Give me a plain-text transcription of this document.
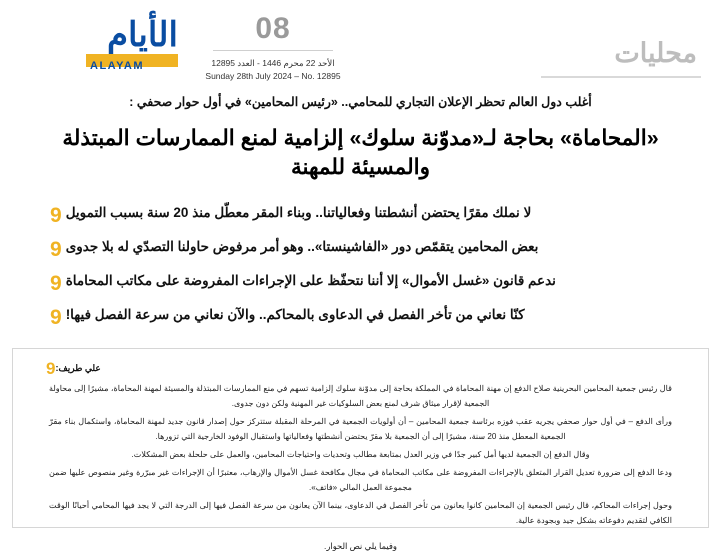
محليات
08
الأحد 22 محرم 1446 - العدد 12895
Sunday 28th July 2024 – No. 12895
الأيام
ALAYAM
أغلب دول العالم تحظر الإعلان التجاري للمحامي.. «رئيس المحامين» في أول حوار صحفي :
«المحاماة» بحاجة لـ«مدوّنة سلوك» إلزامية لمنع الممارسات المبتذلة والمسيئة للمهنة
لا نملك مقرًا يحتضن أنشطتنا وفعالياتنا.. وبناء المقر معطّل منذ 20 سنة بسبب التمويل
9
بعض المحامين يتقمّص دور «الفاشينستا».. وهو أمر مرفوض حاولنا التصدّي له بلا جدوى
9
ندعم قانون «غسل الأموال» إلا أننا نتحفّظ على الإجراءات المفروضة على مكاتب المحاماة
9
كنّا نعاني من تأخر الفصل في الدعاوى بالمحاكم.. والآن نعاني من سرعة الفصل فيها!
9
علي طريف:
9

قال رئيس جمعية المحامين البحرينية صلاح الدفع إن مهنة المحاماة في المملكة بحاجة إلى مدوّنة سلوك إلزامية تسهم في منع الممارسات المبتذلة والمسيئة لمهنة المحاماة، مشيرًا إلى محاولة الجمعية لإقرار ميثاق شرف لمنع بعض السلوكيات غير المهنية ولكن دون جدوى.

ورأى الدفع – في أول حوار صحفي يجريه عقب فوزه برئاسة جمعية المحامين – أن أولويات الجمعية في المرحلة المقبلة ستتركز حول إصدار قانون جديد لمهنة المحاماة، واستكمال بناء مقرّ الجمعية المعطل منذ 20 سنة، مشيرًا إلى أن الجمعية بلا مقرّ يحتضن أنشطتها وفعالياتها واستقبال الوفود الخارجية التي تزورها.

وقال الدفع إن الجمعية لديها أمل كبير جدًا في وزير العدل بمتابعة مطالب وتحديات واحتياجات المحامين، والعمل على حلحلة بعض المشكلات.

ودعا الدفع إلى ضرورة تعديل القرار المتعلق بالإجراءات المفروضة على مكاتب المحاماة في مجال مكافحة غسل الأموال والإرهاب، معتبرًا أن الإجراءات غير مبرّرة وغير منصوص عليها ضمن مجموعة العمل المالي «فاتف».

وحول إجراءات المحاكم، قال رئيس الجمعية إن المحامين كانوا يعانون من تأخر الفصل في الدعاوى، بينما الآن يعانون من سرعة الفصل فيها إلى الدرجة التي لا يجد فيها المحامي أحيانًا الوقت الكافي لتقديم دفوعاته بشكل جيد وبجودة عالية.

وفيما يلي نص الحوار.
